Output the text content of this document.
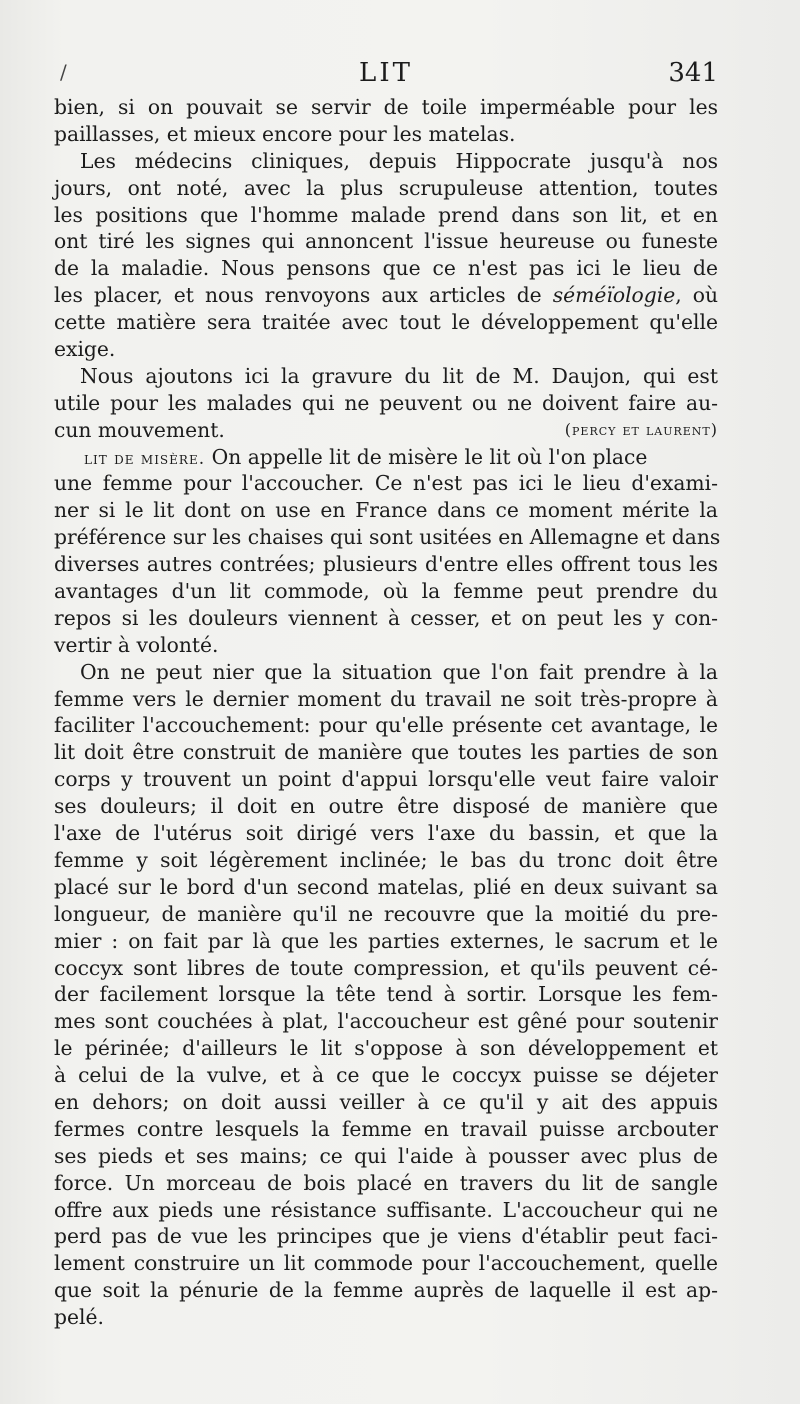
/	LIT	341
bien, si on pouvait se servir de toile imperméable pour les
paillasses, et mieux encore pour les matelas.
Les médecins cliniques, depuis Hippocrate jusqu'à nos
jours, ont noté, avec la plus scrupuleuse attention, toutes
les positions que l'homme malade prend dans son lit, et en
ont tiré les signes qui annoncent l'issue heureuse ou funeste
de la maladie. Nous pensons que ce n'est pas ici le lieu de
les placer, et nous renvoyons aux articles de séméïologie, où
cette matière sera traitée avec tout le développement qu'elle
exige.
Nous ajoutons ici la gravure du lit de M. Daujon, qui est
utile pour les malades qui ne peuvent ou ne doivent faire au-
cun mouvement.	(percy et laurent)
lit de misère. On appelle lit de misère le lit où l'on place
une femme pour l'accoucher. Ce n'est pas ici le lieu d'exami-
ner si le lit dont on use en France dans ce moment mérite la
préférence sur les chaises qui sont usitées en Allemagne et dans
diverses autres contrées; plusieurs d'entre elles offrent tous les
avantages d'un lit commode, où la femme peut prendre du
repos si les douleurs viennent à cesser, et on peut les y con-
vertir à volonté.
On ne peut nier que la situation que l'on fait prendre à la
femme vers le dernier moment du travail ne soit très-propre à
faciliter l'accouchement: pour qu'elle présente cet avantage, le
lit doit être construit de manière que toutes les parties de son
corps y trouvent un point d'appui lorsqu'elle veut faire valoir
ses douleurs; il doit en outre être disposé de manière que
l'axe de l'utérus soit dirigé vers l'axe du bassin, et que la
femme y soit légèrement inclinée; le bas du tronc doit être
placé sur le bord d'un second matelas, plié en deux suivant sa
longueur, de manière qu'il ne recouvre que la moitié du pre-
mier : on fait par là que les parties externes, le sacrum et le
coccyx sont libres de toute compression, et qu'ils peuvent cé-
der facilement lorsque la tête tend à sortir. Lorsque les fem-
mes sont couchées à plat, l'accoucheur est gêné pour soutenir
le périnée; d'ailleurs le lit s'oppose à son développement et
à celui de la vulve, et à ce que le coccyx puisse se déjeter
en dehors; on doit aussi veiller à ce qu'il y ait des appuis
fermes contre lesquels la femme en travail puisse arcbouter
ses pieds et ses mains; ce qui l'aide à pousser avec plus de
force. Un morceau de bois placé en travers du lit de sangle
offre aux pieds une résistance suffisante. L'accoucheur qui ne
perd pas de vue les principes que je viens d'établir peut faci-
lement construire un lit commode pour l'accouchement, quelle
que soit la pénurie de la femme auprès de laquelle il est ap-
pelé.
